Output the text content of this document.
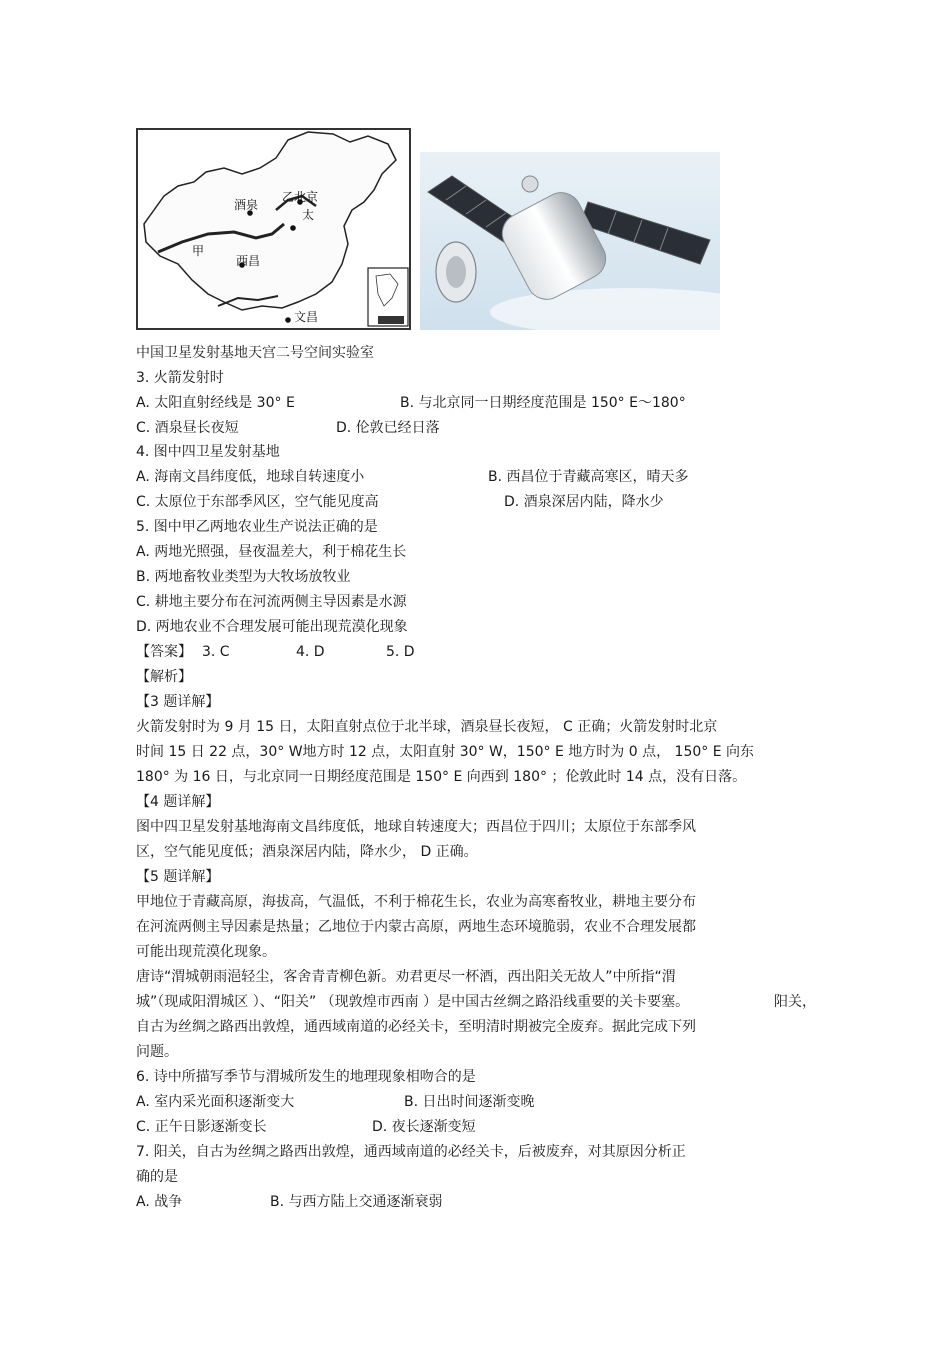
酒泉
乙 北京
太
甲
西昌
文昌
中国卫星发射基地天宫二号空间实验室
3. 火箭发射时
A. 太阳直射经线是 30° E	B. 与北京同一日期经度范围是 150° E～180°
C. 酒泉昼长夜短	D. 伦敦已经日落
4. 图中四卫星发射基地
A. 海南文昌纬度低，地球自转速度小	B. 西昌位于青藏高寒区，晴天多
C. 太原位于东部季风区，空气能见度高	D. 酒泉深居内陆，降水少
5. 图中甲乙两地农业生产说法正确的是
A. 两地光照强，昼夜温差大，利于棉花生长
B. 两地畜牧业类型为大牧场放牧业
C. 耕地主要分布在河流两侧主导因素是水源
D. 两地农业不合理发展可能出现荒漠化现象
【答案】 3. C	4. D	5. D
【解析】
【3 题详解】
火箭发射时为 9 月 15 日，太阳直射点位于北半球，酒泉昼长夜短， C 正确；火箭发射时北京
时间 15 日 22 点，30° W地方时 12 点，太阳直射 30° W，150° E 地方时为 0 点， 150° E 向东
180° 为 16 日，与北京同一日期经度范围是 150° E 向西到 180° ；伦敦此时 14 点，没有日落。
【4 题详解】
图中四卫星发射基地海南文昌纬度低，地球自转速度大；西昌位于四川；太原位于东部季风
区，空气能见度低；酒泉深居内陆，降水少， D 正确。
【5 题详解】
甲地位于青藏高原，海拔高，气温低，不利于棉花生长，农业为高寒畜牧业，耕地主要分布
在河流两侧主导因素是热量；乙地位于内蒙古高原，两地生态环境脆弱，农业不合理发展都
可能出现荒漠化现象。
唐诗“渭城朝雨浥轻尘，客舍青青柳色新。劝君更尽一杯酒，西出阳关无故人”中所指“渭
城”（现咸阳渭城区 ）、“阳关” （现敦煌市西南 ）是中国古丝绸之路沿线重要的关卡要塞。	阳关，
自古为丝绸之路西出敦煌，通西域南道的必经关卡，至明清时期被完全废弃。据此完成下列
问题。
6. 诗中所描写季节与渭城所发生的地理现象相吻合的是
A. 室内采光面积逐渐变大	B. 日出时间逐渐变晚
C. 正午日影逐渐变长	D. 夜长逐渐变短
7. 阳关，自古为丝绸之路西出敦煌，通西域南道的必经关卡，后被废弃，对其原因分析正
确的是
A. 战争	B. 与西方陆上交通逐渐衰弱
